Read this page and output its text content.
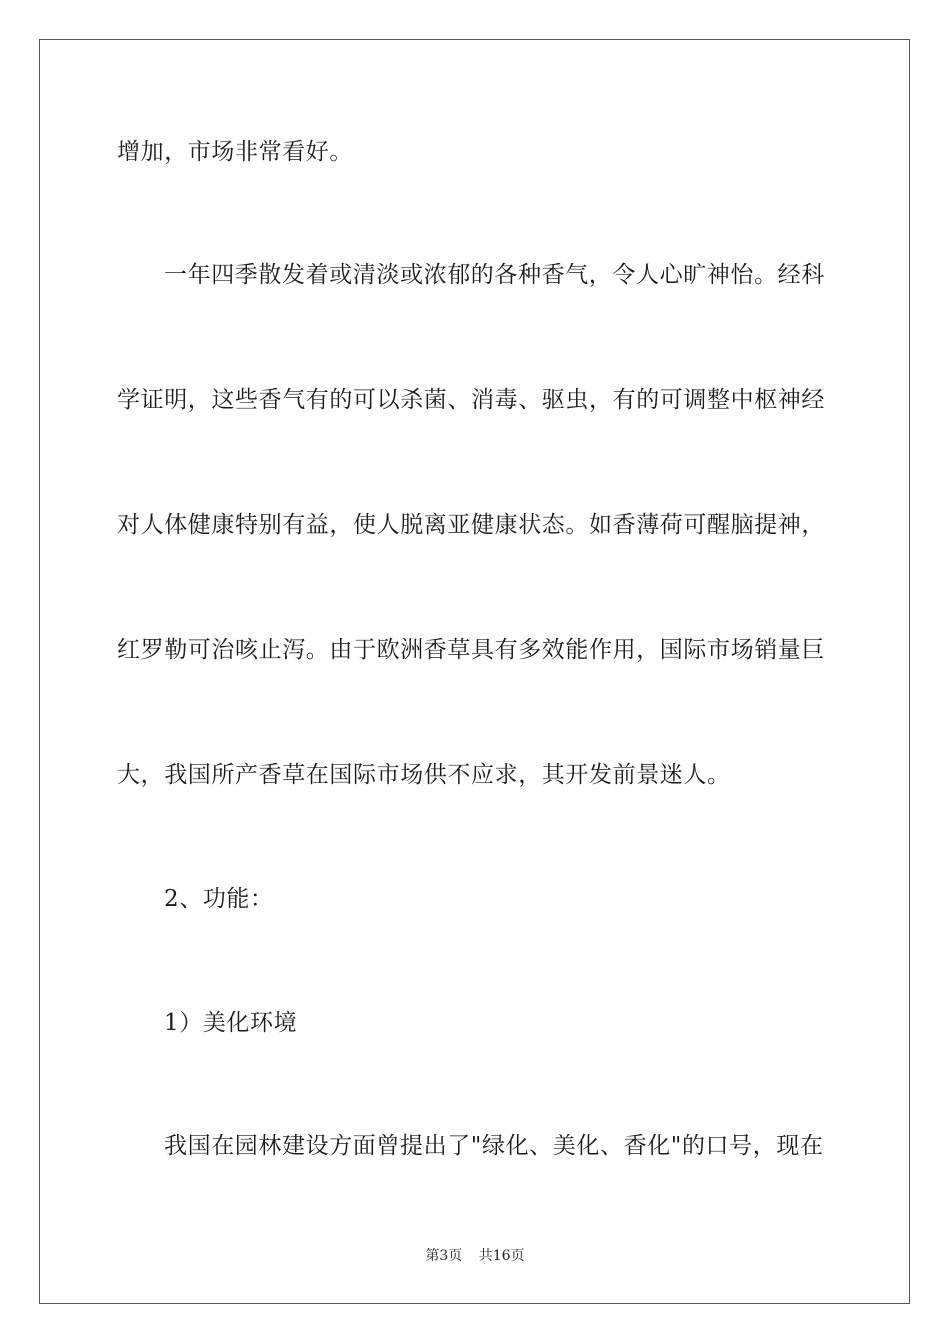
增加，市场非常看好。
一年四季散发着或清淡或浓郁的各种香气，令人心旷神怡。经科
学证明，这些香气有的可以杀菌、消毒、驱虫，有的可调整中枢神经
对人体健康特别有益，使人脱离亚健康状态。如香薄荷可醒脑提神，
红罗勒可治咳止泻。由于欧洲香草具有多效能作用，国际市场销量巨
大，我国所产香草在国际市场供不应求，其开发前景迷人。
2、功能：
1）美化环境
我国在园林建设方面曾提出了"绿化、美化、香化"的口号，现在
第3页 共16页
